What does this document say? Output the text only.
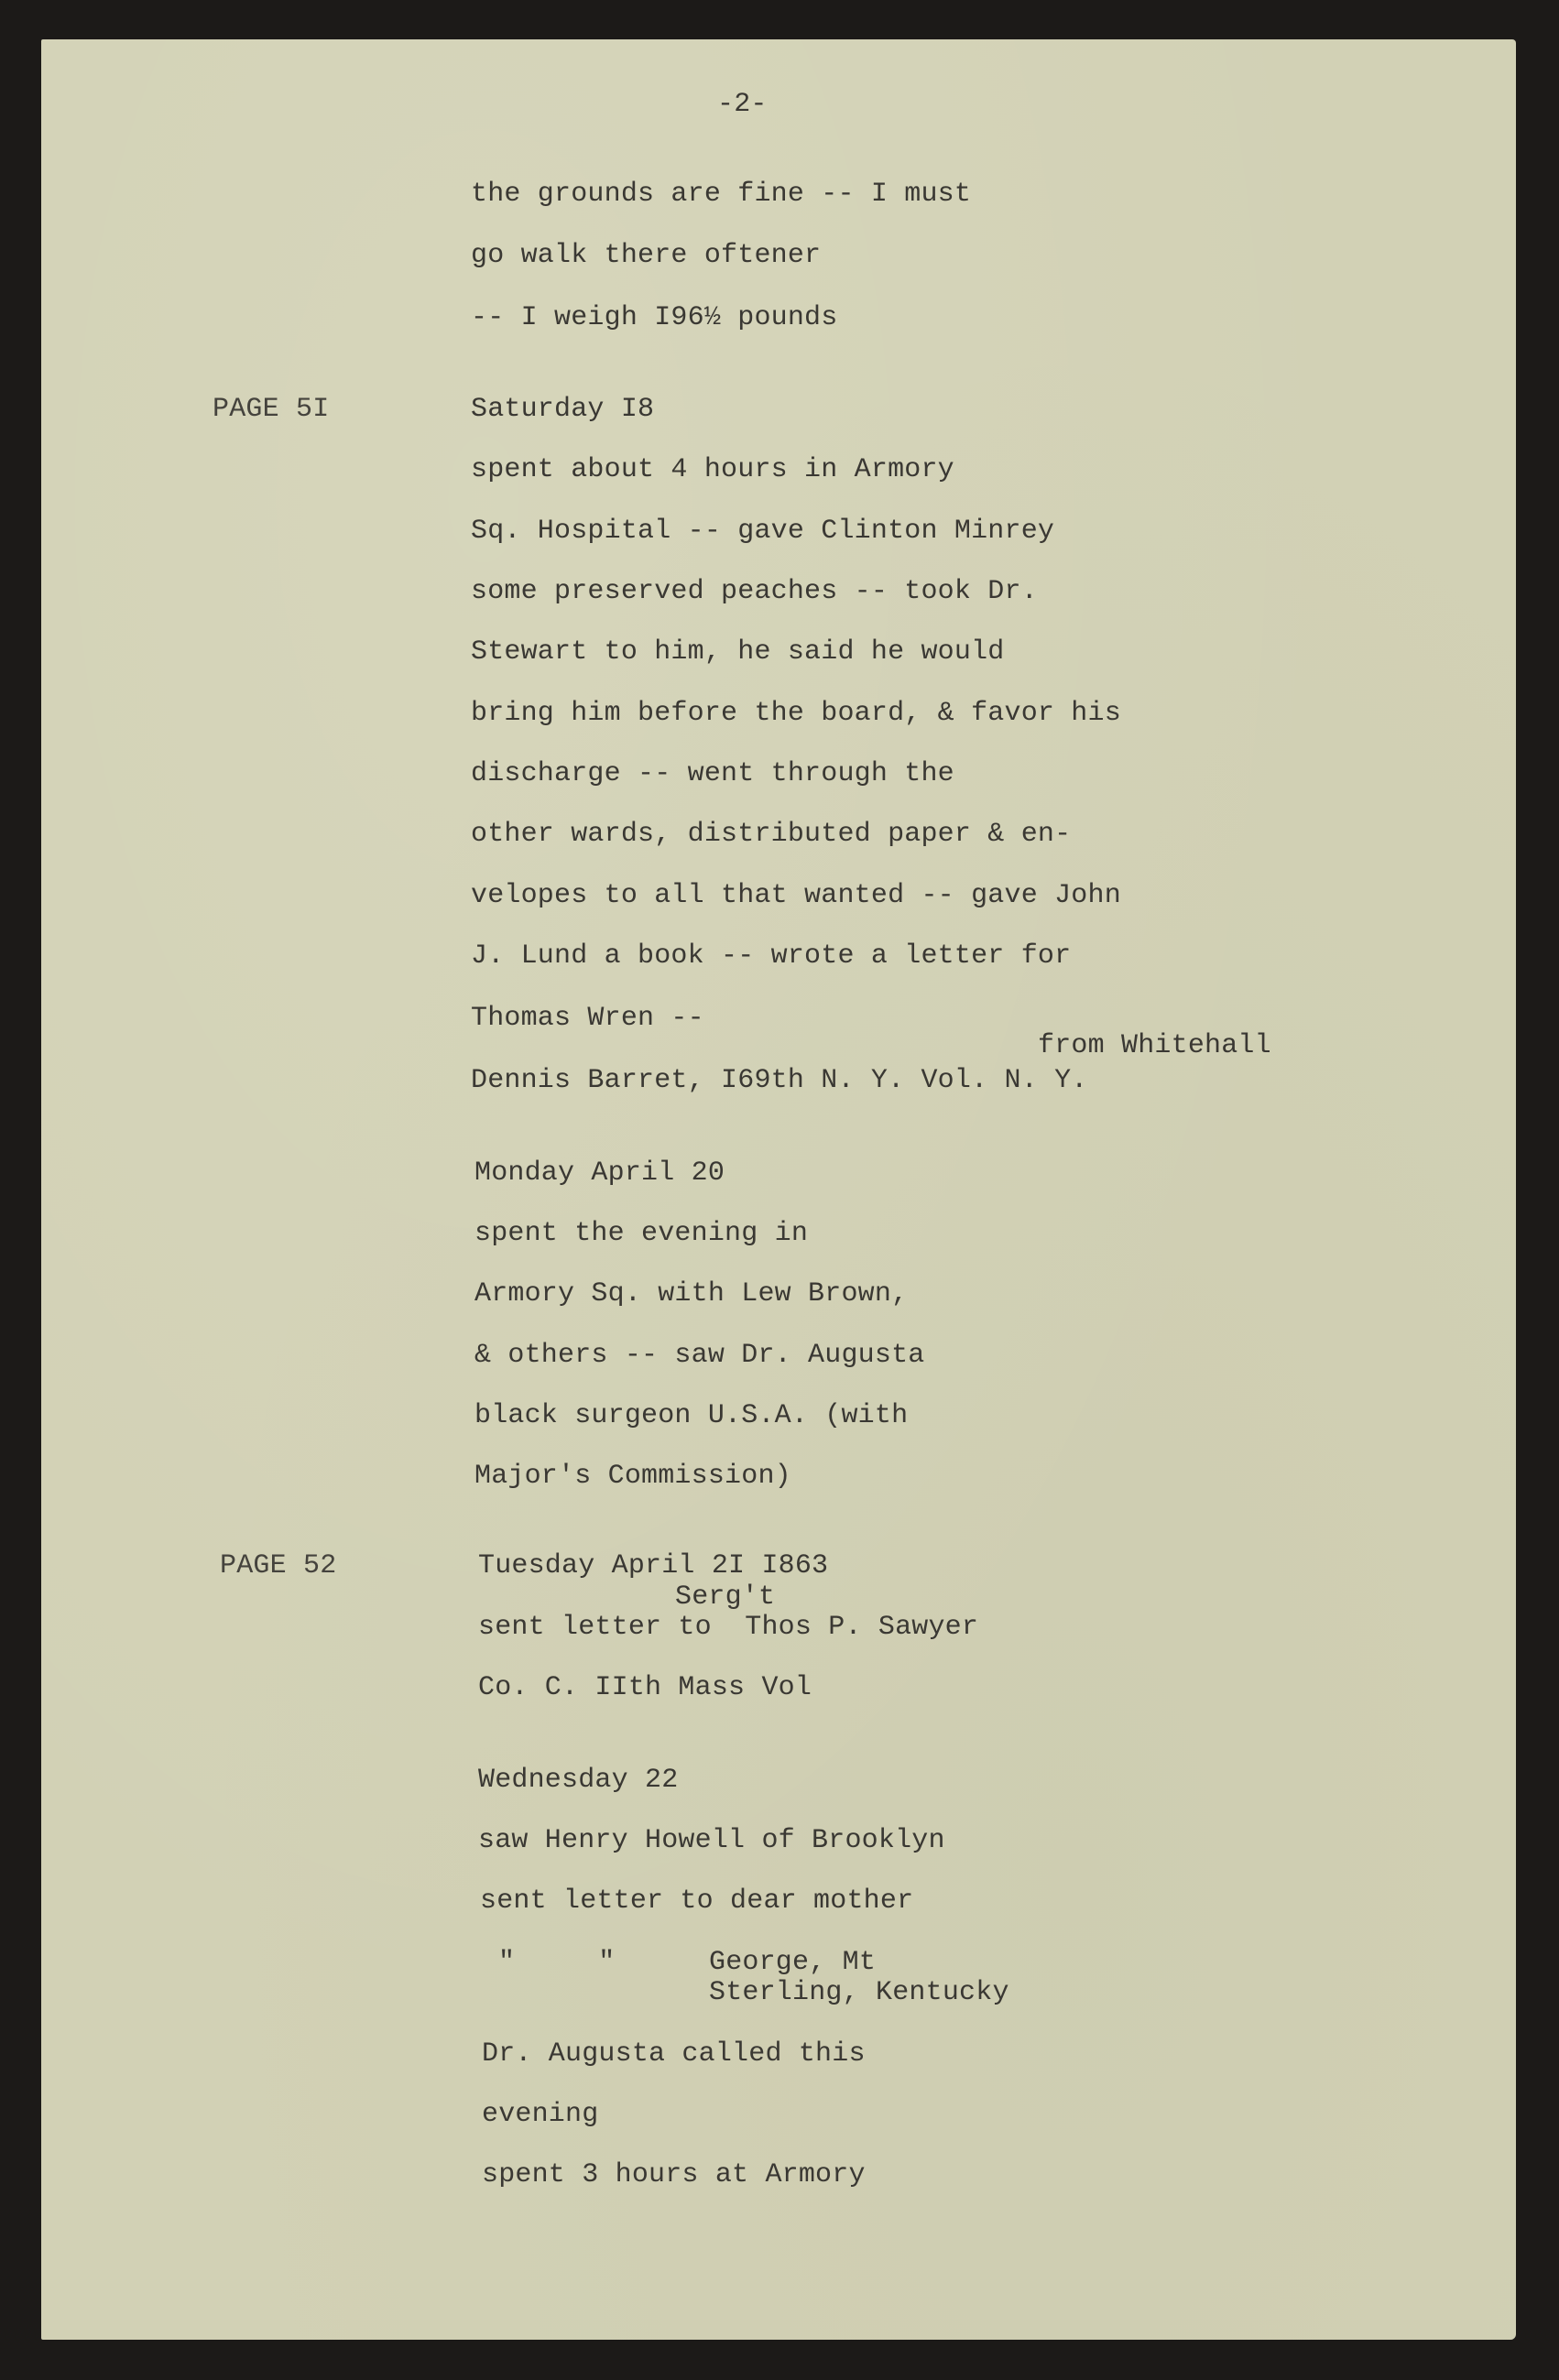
-2-
the grounds are fine -- I must
go walk there oftener
-- I weigh I96½ pounds
PAGE 5I	Saturday I8
spent about 4 hours in Armory
Sq. Hospital -- gave Clinton Minrey
some preserved peaches -- took Dr.
Stewart to him, he said he would
bring him before the board, & favor his
discharge -- went through the
other wards, distributed paper & en-
velopes to all that wanted -- gave John
J. Lund a book -- wrote a letter for
Thomas Wren --
from Whitehall
Dennis Barret, I69th N. Y. Vol. N. Y.
Monday April 20
spent the evening in
Armory Sq. with Lew Brown,
& others -- saw Dr. Augusta
black surgeon U.S.A. (with
Major's Commission)
PAGE 52	Tuesday April 2I I863
Serg't
sent letter to  Thos P. Sawyer
Co. C. IIth Mass Vol
Wednesday 22
saw Henry Howell of Brooklyn
sent letter to dear mother
"     "	George, Mt
Sterling, Kentucky
Dr. Augusta called this
evening
spent 3 hours at Armory
